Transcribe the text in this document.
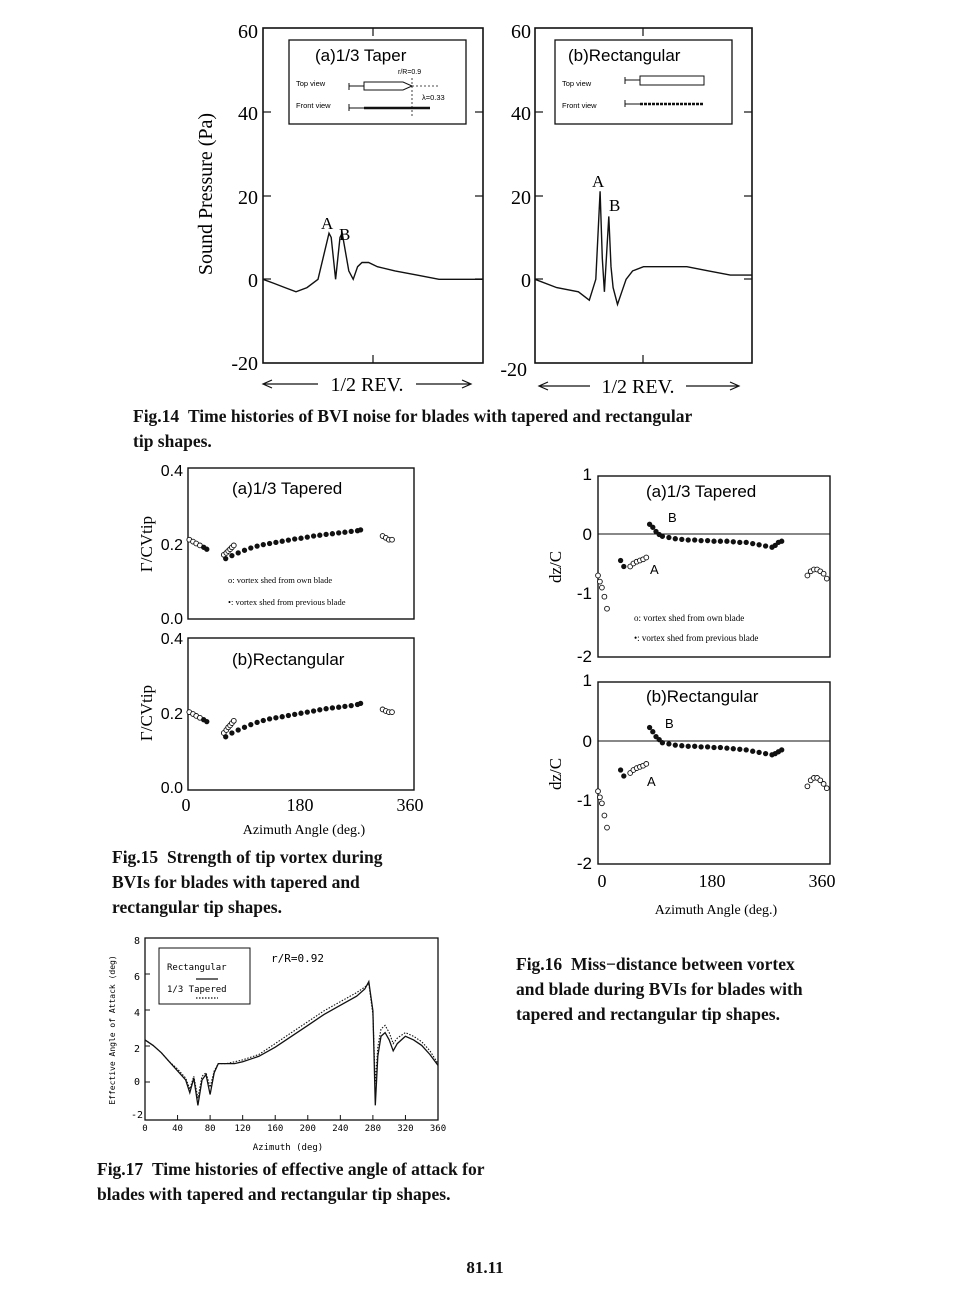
60
40
20
0
-20
Sound Pressure (Pa)
(a)1/3 Taper
Top view
Front view
r/R=0.9
λ=0.33
A
B
1/2 REV.
60
40
20
0
-20
(b)Rectangular
Top view
Front view
A
B
1/2 REV.
0.4
0.2
0.0
0.4
0.2
0.0
Γ/CVtip
Γ/CVtip
(a)1/3 Tapered
(b)Rectangular
o: vortex shed from own blade
•: vortex shed from previous blade
0	180	360
Azimuth Angle (deg.)
1
0
-1
-2
1
0
-1
-2
dz/C
dz/C
(a)1/3 Tapered
(b)Rectangular
o: vortex shed from own blade
•: vortex shed from previous blade
B
A
B
A
0	180	360
Azimuth Angle (deg.)
8
6
4
2
0
-2
Effective Angle of Attack (deg)
0	40 80 120 160 200 240 280 320 360
Azimuth (deg)
Rectangular
1/3 Tapered
r/R=0.92
Fig.14 Time histories of BVI noise for blades with tapered and rectangular
tip shapes.
Fig.15 Strength of tip vortex during
BVIs for blades with tapered and
rectangular tip shapes.
Fig.16 Miss−distance between vortex
and blade during BVIs for blades with
tapered and rectangular tip shapes.
Fig.17 Time histories of effective angle of attack for
blades with tapered and rectangular tip shapes.
81.11
